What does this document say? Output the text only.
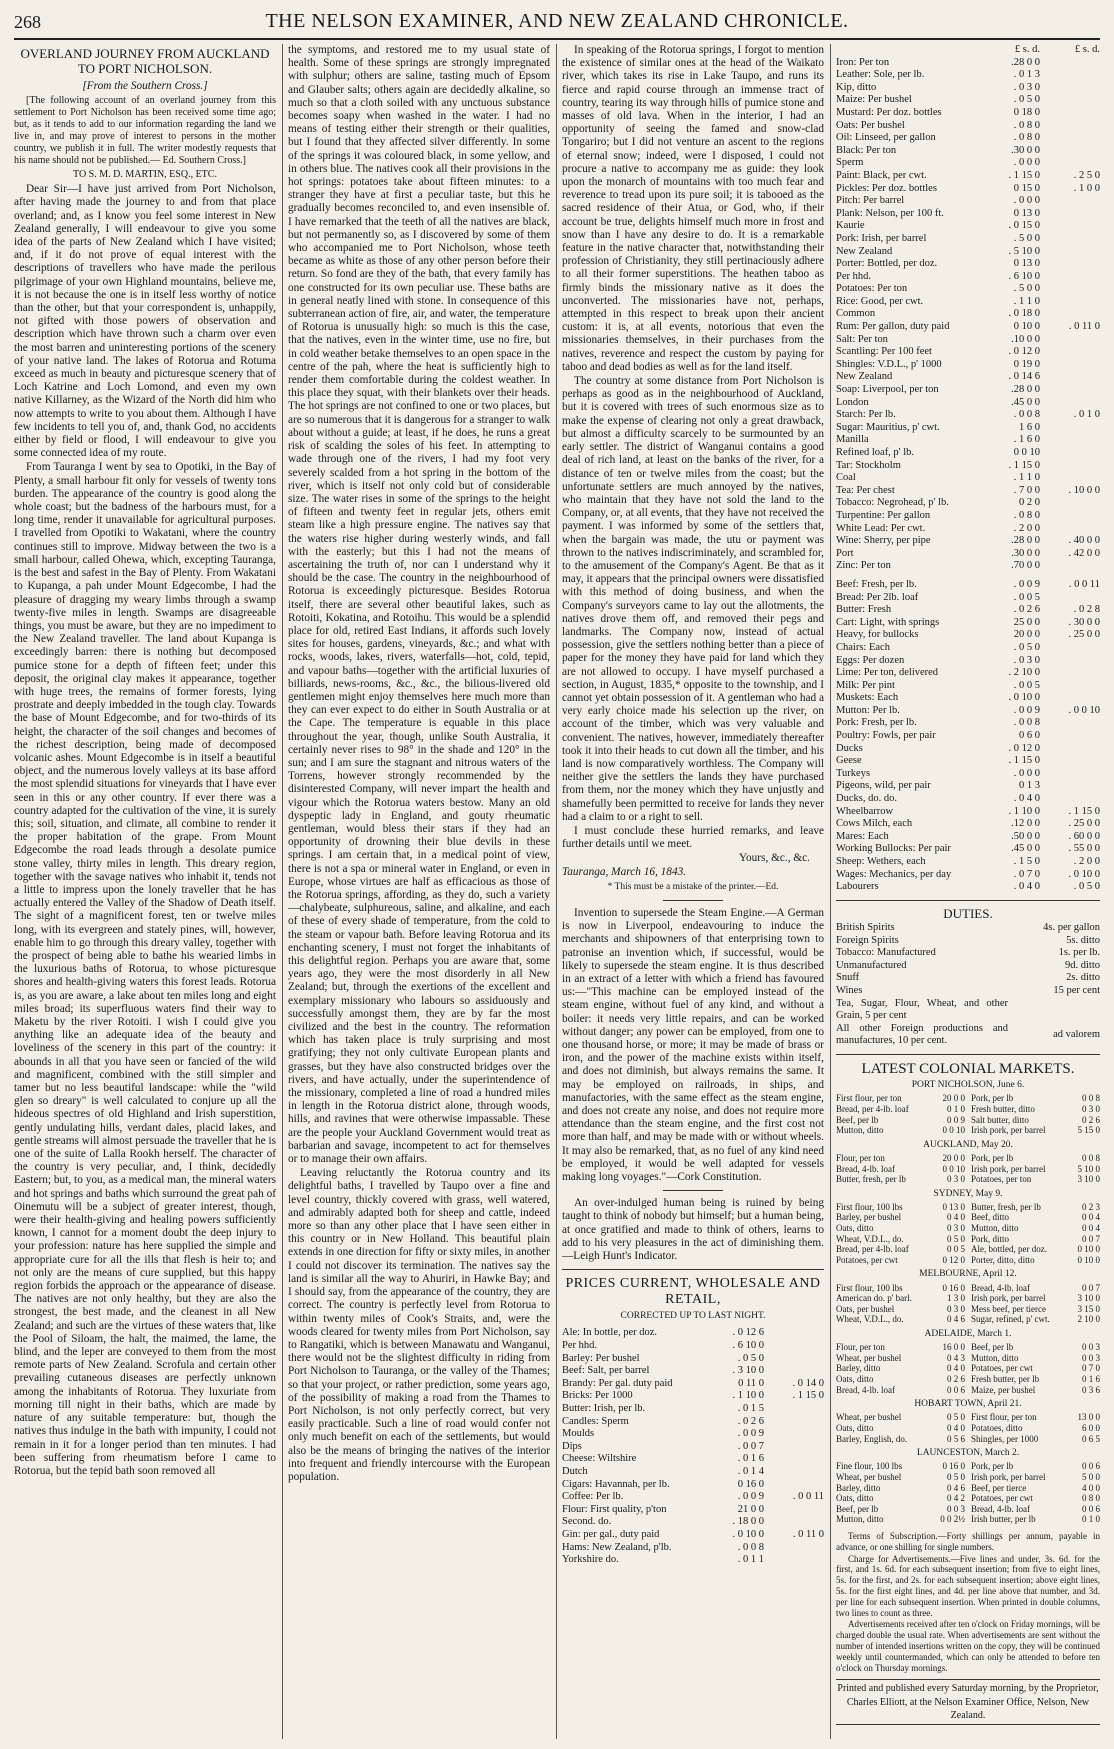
268	THE NELSON EXAMINER, AND NEW ZEALAND CHRONICLE.
OVERLAND JOURNEY FROM AUCKLAND TO PORT NICHOLSON.
[From the Southern Cross.]

[The following account of an overland journey from this settlement to Port Nicholson has been received some time ago; but, as it tends to add to our information regarding the land we live in, and may prove of interest to persons in the mother country, we publish it in full. The writer modestly requests that his name should not be published.— Ed. Southern Cross.]

TO S. M. D. MARTIN, ESQ., ETC.

Dear Sir—I have just arrived from Port Nicholson, after having made the journey to and from that place overland; and, as I know you feel some interest in New Zealand generally, I will endeavour to give you some idea of the parts of New Zealand which I have visited; and, if it do not prove of equal interest with the descriptions of travellers who have made the perilous pilgrimage of your own Highland mountains, believe me, it is not because the one is in itself less worthy of notice than the other, but that your correspondent is, unhappily, not gifted with those powers of observation and description which have thrown such a charm over even the most barren and uninteresting portions of the scenery of your native land. The lakes of Rotorua and Rotuma exceed as much in beauty and picturesque scenery that of Loch Katrine and Loch Lomond, and even my own native Killarney, as the Wizard of the North did him who now attempts to write to you about them. Although I have few incidents to tell you of, and, thank God, no accidents either by field or flood, I will endeavour to give you some connected idea of my route.

From Tauranga I went by sea to Opotiki, in the Bay of Plenty, a small harbour fit only for vessels of twenty tons burden. The appearance of the country is good along the whole coast; but the badness of the harbours must, for a long time, render it unavailable for agricultural purposes. I travelled from Opotiki to Wakatani, where the country continues still to improve. Midway between the two is a small harbour, called Ohewa, which, excepting Tauranga, is the best and safest in the Bay of Plenty. From Wakatani to Kupanga, a pah under Mount Edgecombe, I had the pleasure of dragging my weary limbs through a swamp twenty-five miles in length. Swamps are disagreeable things, you must be aware, but they are no impediment to the New Zealand traveller. The land about Kupanga is exceedingly barren: there is nothing but decomposed pumice stone for a depth of fifteen feet; under this deposit, the original clay makes it appearance, together with huge trees, the remains of former forests, lying prostrate and deeply imbedded in the tough clay. Towards the base of Mount Edgecombe, and for two-thirds of its height, the character of the soil changes and becomes of the richest description, being made of decomposed volcanic ashes. Mount Edgecombe is in itself a beautiful object, and the numerous lovely valleys at its base afford the most splendid situations for vineyards that I have ever seen in this or any other country. If ever there was a country adapted for the cultivation of the vine, it is surely this; soil, situation, and climate, all combine to render it the proper habitation of the grape. From Mount Edgecombe the road leads through a desolate pumice stone valley, thirty miles in length. This dreary region, together with the savage natives who inhabit it, tends not a little to impress upon the lonely traveller that he has actually entered the Valley of the Shadow of Death itself. The sight of a magnificent forest, ten or twelve miles long, with its evergreen and stately pines, will, however, enable him to go through this dreary valley, together with the prospect of being able to bathe his wearied limbs in the luxurious baths of Rotorua, to whose picturesque shores and health-giving waters this forest leads. Rotorua is, as you are aware, a lake about ten miles long and eight miles broad; its superfluous waters find their way to Maketu by the river Rotoiti. I wish I could give you anything like an adequate idea of the beauty and loveliness of the scenery in this part of the country: it abounds in all that you have seen or fancied of the wild and magnificent, combined with the still simpler and tamer but no less beautiful landscape: while the "wild glen so dreary" is well calculated to conjure up all the hideous spectres of old Highland and Irish superstition, gently undulating hills, verdant dales, placid lakes, and gentle streams will almost persuade the traveller that he is one of the suite of Lalla Rookh herself. The character of the country is very peculiar, and, I think, decidedly Eastern; but, to you, as a medical man, the mineral waters and hot springs and baths which surround the great pah of Oinemutu will be a subject of greater interest, though, were their health-giving and healing powers sufficiently known, I cannot for a moment doubt the deep injury to your profession: nature has here supplied the simple and appropriate cure for all the ills that flesh is heir to; and not only are the means of cure supplied, but this happy region forbids the approach or the appearance of disease. The natives are not only healthy, but they are also the strongest, the best made, and the cleanest in all New Zealand; and such are the virtues of these waters that, like the Pool of Siloam, the halt, the maimed, the lame, the blind, and the leper are conveyed to them from the most remote parts of New Zealand. Scrofula and certain other prevailing cutaneous diseases are perfectly unknown among the inhabitants of Rotorua. They luxuriate from morning till night in their baths, which are made by nature of any suitable temperature: but, though the natives thus indulge in the bath with impunity, I could not remain in it for a longer period than ten minutes. I had been suffering from rheumatism before I came to Rotorua, but the tepid bath soon removed all

the symptoms, and restored me to my usual state of health. Some of these springs are strongly impregnated with sulphur; others are saline, tasting much of Epsom and Glauber salts; others again are decidedly alkaline, so much so that a cloth soiled with any unctuous substance becomes soapy when washed in the water. I had no means of testing either their strength or their qualities, but I found that they affected silver differently. In some of the springs it was coloured black, in some yellow, and in others blue. The natives cook all their provisions in the hot springs: potatoes take about fifteen minutes: to a stranger they have at first a peculiar taste, but this he gradually becomes reconciled to, and even insensible of. I have remarked that the teeth of all the natives are black, but not permanently so, as I discovered by some of them who accompanied me to Port Nicholson, whose teeth became as white as those of any other person before their return. So fond are they of the bath, that every family has one constructed for its own peculiar use. These baths are in general neatly lined with stone. In consequence of this subterranean action of fire, air, and water, the temperature of Rotorua is unusually high: so much is this the case, that the natives, even in the winter time, use no fire, but in cold weather betake themselves to an open space in the centre of the pah, where the heat is sufficiently high to render them comfortable during the coldest weather. In this place they squat, with their blankets over their heads. The hot springs are not confined to one or two places, but are so numerous that it is dangerous for a stranger to walk about without a guide; at least, if he does, he runs a great risk of scalding the soles of his feet. In attempting to wade through one of the rivers, I had my foot very severely scalded from a hot spring in the bottom of the river, which is itself not only cold but of considerable size. The water rises in some of the springs to the height of fifteen and twenty feet in regular jets, others emit steam like a high pressure engine. The natives say that the waters rise higher during westerly winds, and fall with the easterly; but this I had not the means of ascertaining the truth of, nor can I understand why it should be the case. The country in the neighbourhood of Rotorua is exceedingly picturesque. Besides Rotorua itself, there are several other beautiful lakes, such as Rotoiti, Kokatina, and Rotoihu. This would be a splendid place for old, retired East Indians, it affords such lovely sites for houses, gardens, vineyards, &c.; and what with rocks, woods, lakes, rivers, waterfalls—hot, cold, tepid, and vapour baths—together with the artificial luxuries of billiards, news-rooms, &c., &c., the bilious-livered old gentlemen might enjoy themselves here much more than they can ever expect to do either in South Australia or at the Cape. The temperature is equable in this place throughout the year, though, unlike South Australia, it certainly never rises to 98° in the shade and 120° in the sun; and I am sure the stagnant and nitrous waters of the Torrens, however strongly recommended by the disinterested Company, will never impart the health and vigour which the Rotorua waters bestow. Many an old dyspeptic lady in England, and gouty rheumatic gentleman, would bless their stars if they had an opportunity of drowning their blue devils in these springs. I am certain that, in a medical point of view, there is not a spa or mineral water in England, or even in Europe, whose virtues are half as efficacious as those of the Rotorua springs, affording, as they do, such a variety—chalybeate, sulphureous, saline, and alkaline, and each of these of every shade of temperature, from the cold to the steam or vapour bath. Before leaving Rotorua and its enchanting scenery, I must not forget the inhabitants of this delightful region. Perhaps you are aware that, some years ago, they were the most disorderly in all New Zealand; but, through the exertions of the excellent and exemplary missionary who labours so assiduously and successfully amongst them, they are by far the most civilized and the best in the country. The reformation which has taken place is truly surprising and most gratifying; they not only cultivate European plants and grasses, but they have also constructed bridges over the rivers, and have actually, under the superintendence of the missionary, completed a line of road a hundred miles in length in the Rotorua district alone, through woods, hills, and ravines that were otherwise impassable. These are the people your Auckland Government would treat as barbarian and savage, incompetent to act for themselves or to manage their own affairs.

Leaving reluctantly the Rotorua country and its delightful baths, I travelled by Taupo over a fine and level country, thickly covered with grass, well watered, and admirably adapted both for sheep and cattle, indeed more so than any other place that I have seen either in this country or in New Holland. This beautiful plain extends in one direction for fifty or sixty miles, in another I could not discover its termination. The natives say the land is similar all the way to Ahuriri, in Hawke Bay; and I should say, from the appearance of the country, they are correct. The country is perfectly level from Rotorua to within twenty miles of Cook's Straits, and, were the woods cleared for twenty miles from Port Nicholson, say to Rangatiki, which is between Manawatu and Wanganui, there would not be the slightest difficulty in riding from Port Nicholson to Tauranga, or the valley of the Thames; so that your project, or rather prediction, some years ago, of the possibility of making a road from the Thames to Port Nicholson, is not only perfectly correct, but very easily practicable. Such a line of road would confer not only much benefit on each of the settlements, but would also be the means of bringing the natives of the interior into frequent and friendly intercourse with the European population.

In speaking of the Rotorua springs, I forgot to mention the existence of similar ones at the head of the Waikato river, which takes its rise in Lake Taupo, and runs its fierce and rapid course through an immense tract of country, tearing its way through hills of pumice stone and masses of old lava. When in the interior, I had an opportunity of seeing the famed and snow-clad Tongariro; but I did not venture an ascent to the regions of eternal snow; indeed, were I disposed, I could not procure a native to accompany me as guide: they look upon the monarch of mountains with too much fear and reverence to tread upon its pure soil; it is tabooed as the sacred residence of their Atua, or God, who, if their account be true, delights himself much more in frost and snow than I have any desire to do. It is a remarkable feature in the native character that, notwithstanding their profession of Christianity, they still pertinaciously adhere to all their former superstitions. The heathen taboo as firmly binds the missionary native as it does the unconverted. The missionaries have not, perhaps, attempted in this respect to break upon their ancient custom: it is, at all events, notorious that even the missionaries themselves, in their purchases from the natives, reverence and respect the custom by paying for taboo and dead bodies as well as for the land itself.

The country at some distance from Port Nicholson is perhaps as good as in the neighbourhood of Auckland, but it is covered with trees of such enormous size as to make the expense of clearing not only a great drawback, but almost a difficulty scarcely to be surmounted by an early settler. The district of Wanganui contains a good deal of rich land, at least on the banks of the river, for a distance of ten or twelve miles from the coast; but the unfortunate settlers are much annoyed by the natives, who maintain that they have not sold the land to the Company, or, at all events, that they have not received the payment. I was informed by some of the settlers that, when the bargain was made, the utu or payment was thrown to the natives indiscriminately, and scrambled for, to the amusement of the Company's Agent. Be that as it may, it appears that the principal owners were dissatisfied with this method of doing business, and when the Company's surveyors came to lay out the allotments, the natives drove them off, and removed their pegs and landmarks. The Company now, instead of actual possession, give the settlers nothing better than a piece of paper for the money they have paid for land which they are not allowed to occupy. I have myself purchased a section, in August, 1835,* opposite to the township, and I cannot yet obtain possession of it. A gentleman who had a very early choice made his selection up the river, on account of the timber, which was very valuable and convenient. The natives, however, immediately thereafter took it into their heads to cut down all the timber, and his land is now comparatively worthless. The Company will neither give the settlers the lands they have purchased from them, nor the money which they have unjustly and shamefully been permitted to receive for lands they never had a claim to or a right to sell.

I must conclude these hurried remarks, and leave further details until we meet.

Yours, &c., &c.

Tauranga, March 16, 1843.

* This must be a mistake of the printer.—Ed.

Invention to supersede the Steam Engine.—A German is now in Liverpool, endeavouring to induce the merchants and shipowners of that enterprising town to patronise an invention which, if successful, would be likely to supersede the steam engine. It is thus described in an extract of a letter with which a friend has favoured us:—"This machine can be employed instead of the steam engine, without fuel of any kind, and without a boiler: it needs very little repairs, and can be worked without danger; any power can be employed, from one to one thousand horse, or more; it may be made of brass or iron, and the power of the machine exists within itself, and does not diminish, but always remains the same. It may be employed on railroads, in ships, and manufactories, with the same effect as the steam engine, and does not create any noise, and does not require more attendance than the steam engine, and the first cost not more than half, and may be made with or without wheels. It may also be remarked, that, as no fuel of any kind need be employed, it would be well adapted for vessels making long voyages."—Cork Constitution.

An over-indulged human being is ruined by being taught to think of nobody but himself; but a human being, at once gratified and made to think of others, learns to add to his very pleasures in the act of diminishing them.—Leigh Hunt's Indicator.

PRICES CURRENT, WHOLESALE AND RETAIL,
CORRECTED UP TO LAST NIGHT.
Ale: In bottle, per doz.	. 0 12 6	
Per hhd.	. 6 10 0	
Barley: Per bushel	. 0 5 0	
Beef: Salt, per barrel	. 3 10 0	
Brandy: Per gal. duty paid	0 11 0	. 0 14 0
Bricks: Per 1000	. 1 10 0	. 1 15 0
Butter: Irish, per lb.	. 0 1 5	
Candles: Sperm	. 0 2 6	
Moulds	. 0 0 9	
Dips	. 0 0 7	
Cheese: Wiltshire	. 0 1 6	
Dutch	. 0 1 4	
Cigars: Havannah, per lb.	0 16 0	
Coffee: Per lb.	. 0 0 9	. 0 0 11
Flour: First quality, p'ton	21 0 0	
Second. do.	. 18 0 0	
Gin: per gal., duty paid	. 0 10 0	. 0 11 0
Hams: New Zealand, p'lb.	. 0 0 8	
Yorkshire do.	. 0 1 1	
	£ s. d.	£ s. d.
Iron: Per ton	.28 0 0	
Leather: Sole, per lb.	. 0 1 3	
Kip, ditto	. 0 3 0	
Maize: Per bushel	. 0 5 0	
Mustard: Per doz. bottles	0 18 0	
Oats: Per bushel	. 0 8 0	
Oil: Linseed, per gallon	. 0 8 0	
Black: Per ton	.30 0 0	
Sperm	. 0 0 0	
Paint: Black, per cwt.	. 1 15 0	. 2 5 0
Pickles: Per doz. bottles	0 15 0	. 1 0 0
Pitch: Per barrel	. 0 0 0	
Plank: Nelson, per 100 ft.	0 13 0	
Kaurie	. 0 15 0	
Pork: Irish, per barrel	. 5 0 0	
New Zealand	. 5 10 0	
Porter: Bottled, per doz.	0 13 0	
Per hhd.	. 6 10 0	
Potatoes: Per ton	. 5 0 0	
Rice: Good, per cwt.	. 1 1 0	
Common	. 0 18 0	
Rum: Per gallon, duty paid	0 10 0	. 0 11 0
Salt: Per ton	.10 0 0	
Scantling: Per 100 feet	. 0 12 0	
Shingles: V.D.L., p' 1000	0 19 0	
New Zealand	. 0 14 6	
Soap: Liverpool, per ton	.28 0 0	
London	.45 0 0	
Starch: Per lb.	. 0 0 8	. 0 1 0
Sugar: Mauritius, p' cwt.	1 6 0	
Manilla	. 1 6 0	
Refined loaf, p' lb.	0 0 10	
Tar: Stockholm	. 1 15 0	
Coal	. 1 1 0	
Tea: Per chest	. 7 0 0	. 10 0 0
Tobacco: Negrohead, p' lb.	0 2 0	
Turpentine: Per gallon	. 0 8 0	
White Lead: Per cwt.	. 2 0 0	
Wine: Sherry, per pipe	.28 0 0	. 40 0 0
Port	.30 0 0	. 42 0 0
Zinc: Per ton	.70 0 0	
Beef: Fresh, per lb.	. 0 0 9	. 0 0 11
Bread: Per 2lb. loaf	. 0 0 5	
Butter: Fresh	. 0 2 6	. 0 2 8
Cart: Light, with springs	25 0 0	. 30 0 0
Heavy, for bullocks	20 0 0	. 25 0 0
Chairs: Each	. 0 5 0	
Eggs: Per dozen	. 0 3 0	
Lime: Per ton, delivered	. 2 10 0	
Milk: Per pint	. 0 0 5	
Muskets: Each	. 0 10 0	
Mutton: Per lb.	. 0 0 9	. 0 0 10
Pork: Fresh, per lb.	. 0 0 8	
Poultry: Fowls, per pair	0 6 0	
Ducks	. 0 12 0	
Geese	. 1 15 0	
Turkeys	. 0 0 0	
Pigeons, wild, per pair	0 1 3	
Ducks, do. do.	. 0 4 0	
Wheelbarrow	. 1 10 0	. 1 15 0
Cows Milch, each	.12 0 0	. 25 0 0
Mares: Each	.50 0 0	. 60 0 0
Working Bullocks: Per pair	.45 0 0	. 55 0 0
Sheep: Wethers, each	. 1 5 0	. 2 0 0
Wages: Mechanics, per day	. 0 7 0	. 0 10 0
Labourers	. 0 4 0	. 0 5 0
DUTIES.
British Spirits	4s. per gallon
Foreign Spirits	5s. ditto
Tobacco: Manufactured	1s. per lb.
Unmanufactured	9d. ditto
Snuff	2s. ditto
Wines	15 per cent
Tea, Sugar, Flour, Wheat, and other Grain, 5 per cent	
All other Foreign productions and manufactures, 10 per cent.	ad valorem
LATEST COLONIAL MARKETS.
PORT NICHOLSON, June 6.
First flour, per ton	20 0 0
Bread, per 4-lb. loaf	0 1 0
Beef, per lb	0 0 9
Mutton, ditto	0 0 10
Pork, per lb	0 0 8
Fresh butter, ditto	0 3 0
Salt butter, ditto	0 2 6
Irish pork, per barrel	5 15 0
AUCKLAND, May 20.
Flour, per ton	20 0 0
Bread, 4-lb. loaf	0 0 10
Butter, fresh, per lb	0 3 0
Pork, per lb	0 0 8
Irish pork, per barrel	5 10 0
Potatoes, per ton	3 10 0
SYDNEY, May 9.
First flour, 100 lbs	0 13 0
Barley, per bushel	0 4 0
Oats, ditto	0 3 0
Wheat, V.D.L., do.	0 5 0
Bread, per 4-lb. loaf	0 0 5
Potatoes, per cwt	0 12 0
Butter, fresh, per lb	0 2 3
Beef, ditto	0 0 4
Mutton, ditto	0 0 4
Pork, ditto	0 0 7
Ale, bottled, per doz.	0 10 0
Porter, ditto, ditto	0 10 0
MELBOURNE, April 12.
First flour, 100 lbs	0 16 0
American do. p' barl.	1 3 0
Oats, per bushel	0 3 0
Wheat, V.D.L., do.	0 4 6
Bread, 4-lb. loaf	0 0 7
Irish pork, per barrel	3 10 0
Mess beef, per tierce	3 15 0
Sugar, refined, p' cwt.	2 10 0
ADELAIDE, March 1.
Flour, per ton	16 0 0
Wheat, per bushel	0 4 3
Barley, ditto	0 4 0
Oats, ditto	0 2 6
Bread, 4-lb. loaf	0 0 6
Beef, per lb	0 0 3
Mutton, ditto	0 0 3
Potatoes, per cwt	0 7 0
Fresh butter, per lb	0 1 6
Maize, per bushel	0 3 6
HOBART TOWN, April 21.
Wheat, per bushel	0 5 0
Oats, ditto	0 4 0
Barley, English, do.	0 5 6
First flour, per ton	13 0 0
Potatoes, ditto	6 0 0
Shingles, per 1000	0 6 5
LAUNCESTON, March 2.
Fine flour, 100 lbs	0 16 0
Wheat, per bushel	0 5 0
Barley, ditto	0 4 6
Oats, ditto	0 4 2
Beef, per lb	0 0 3
Mutton, ditto	0 0 2½
Pork, per lb	0 0 6
Irish pork, per barrel	5 0 0
Beef, per tierce	4 0 0
Potatoes, per cwt	0 8 0
Bread, 4-lb. loaf	0 0 6
Irish butter, per lb	0 1 0

Terms of Subscription.—Forty shillings per annum, payable in advance, or one shilling for single numbers.

Charge for Advertisements.—Five lines and under, 3s. 6d. for the first, and 1s. 6d. for each subsequent insertion; from five to eight lines, 5s. for the first, and 2s. for each subsequent insertion; above eight lines, 5s. for the first eight lines, and 4d. per line above that number, and 3d. per line for each subsequent insertion. When printed in double columns, two lines to count as three.

Advertisements received after ten o'clock on Friday mornings, will be charged double the usual rate. When advertisements are sent without the number of intended insertions written on the copy, they will be continued weekly until countermanded, which can only be attended to before ten o'clock on Thursday mornings.

Printed and published every Saturday morning, by the Proprietor, Charles Elliott, at the Nelson Examiner Office, Nelson, New Zealand.
